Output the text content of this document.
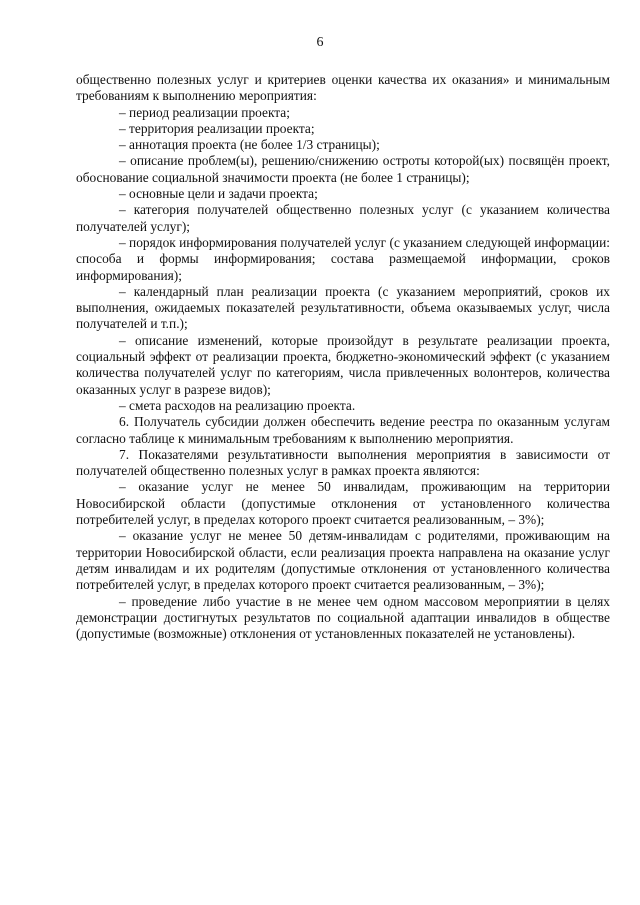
6

общественно полезных услуг и критериев оценки качества их оказания» и минимальным требованиям к выполнению мероприятия:

– период реализации проекта;

– территория реализации проекта;

– аннотация проекта (не более 1/3 страницы);

– описание проблем(ы), решению/снижению остроты которой(ых) посвящён проект, обоснование социальной значимости проекта (не более 1 страницы);

– основные цели и задачи проекта;

– категория получателей общественно полезных услуг (с указанием количества получателей услуг);

– порядок информирования получателей услуг (с указанием следующей информации: способа и формы информирования; состава размещаемой информации, сроков информирования);

– календарный план реализации проекта (с указанием мероприятий, сроков их выполнения, ожидаемых показателей результативности, объема оказываемых услуг, числа получателей и т.п.);

– описание изменений, которые произойдут в результате реализации проекта, социальный эффект от реализации проекта, бюджетно-экономический эффект (с указанием количества получателей услуг по категориям, числа привлеченных волонтеров, количества оказанных услуг в разрезе видов);

– смета расходов на реализацию проекта.

6. Получатель субсидии должен обеспечить ведение реестра по оказанным услугам согласно таблице к минимальным требованиям к выполнению мероприятия.

7. Показателями результативности выполнения мероприятия в зависимости от получателей общественно полезных услуг в рамках проекта являются:

– оказание услуг не менее 50 инвалидам, проживающим на территории Новосибирской области (допустимые отклонения от установленного количества потребителей услуг, в пределах которого проект считается реализованным, – 3%);

– оказание услуг не менее 50 детям-инвалидам с родителями, проживающим на территории Новосибирской области, если реализация проекта направлена на оказание услуг детям инвалидам и их родителям (допустимые отклонения от установленного количества потребителей услуг, в пределах которого проект считается реализованным, – 3%);

– проведение либо участие в не менее чем одном массовом мероприятии в целях демонстрации достигнутых результатов по социальной адаптации инвалидов в обществе (допустимые (возможные) отклонения от установленных показателей не установлены).
